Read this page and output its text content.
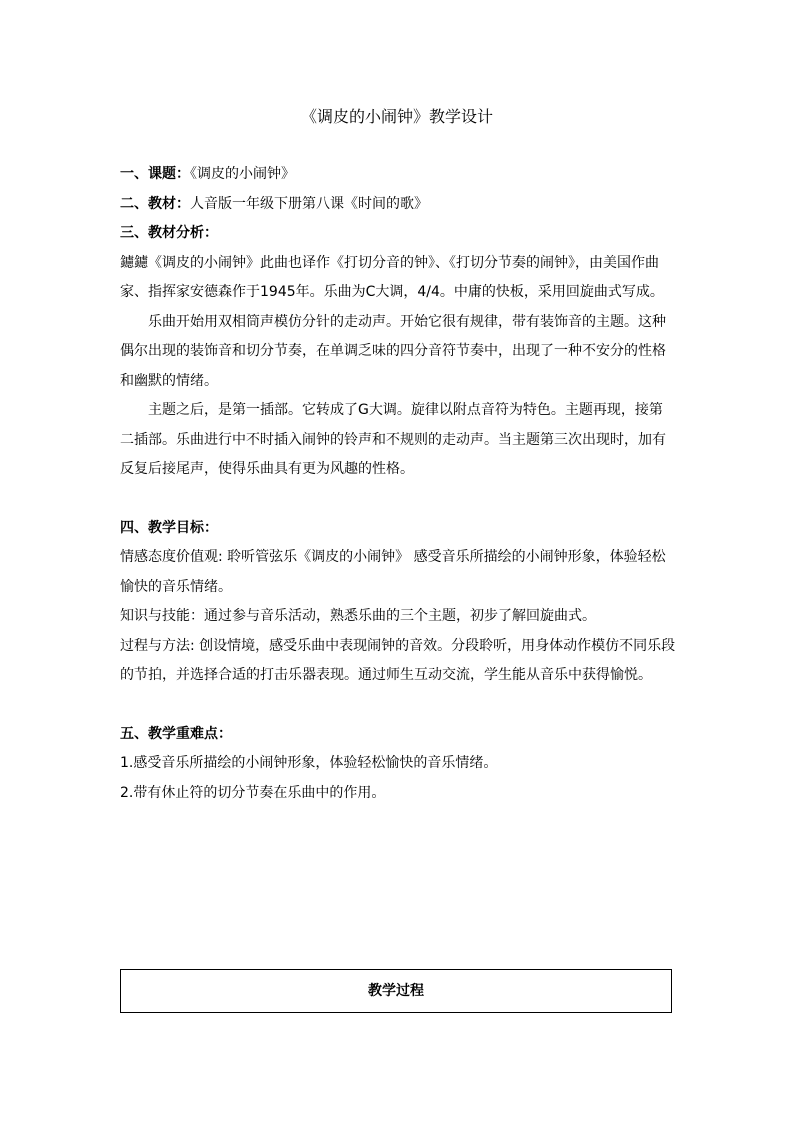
《调皮的小闹钟》教学设计

一、课题：《调皮的小闹钟》

二、教材：人音版一年级下册第八课《时间的歌》

三、教材分析：

鑢鑢《调皮的小闹钟》此曲也译作《打切分音的钟》、《打切分节奏的闹钟》，由美国作曲家、指挥家安德森作于1945年。乐曲为C大调，4/4。中庸的快板，采用回旋曲式写成。

乐曲开始用双相筒声模仿分针的走动声。开始它很有规律，带有装饰音的主题。这种偶尔出现的装饰音和切分节奏，在单调乏味的四分音符节奏中，出现了一种不安分的性格和幽默的情绪。

主题之后，是第一插部。它转成了G大调。旋律以附点音符为特色。主题再现，接第二插部。乐曲进行中不时插入闹钟的铃声和不规则的走动声。当主题第三次出现时，加有反复后接尾声，使得乐曲具有更为风趣的性格。

四、教学目标：

情感态度价值观: 聆听管弦乐《调皮的小闹钟》 感受音乐所描绘的小闹钟形象，体验轻松愉快的音乐情绪。

知识与技能：通过参与音乐活动，熟悉乐曲的三个主题，初步了解回旋曲式。

过程与方法: 创设情境，感受乐曲中表现闹钟的音效。分段聆听，用身体动作模仿不同乐段的节拍，并选择合适的打击乐器表现。通过师生互动交流，学生能从音乐中获得愉悦。

五、教学重难点：

1.感受音乐所描绘的小闹钟形象，体验轻松愉快的音乐情绪。

2.带有休止符的切分节奏在乐曲中的作用。

教学过程
